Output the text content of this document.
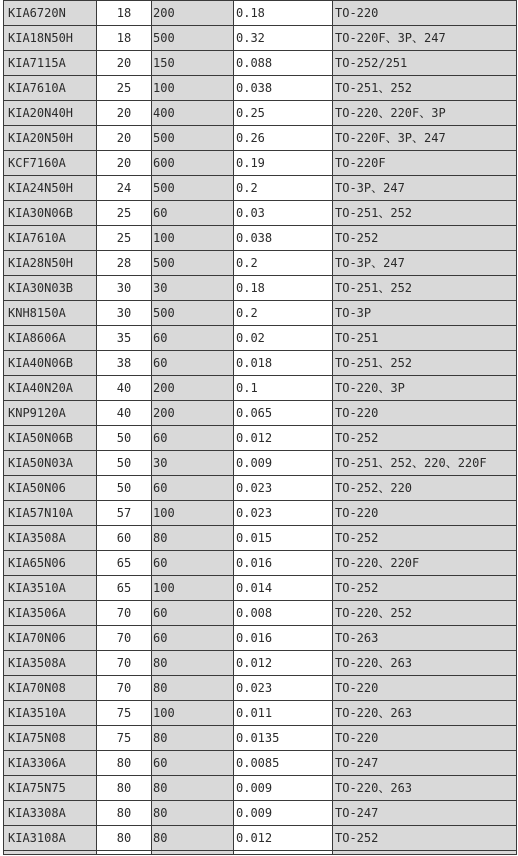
KIA6720N	18	200	0.18	TO-220
KIA18N50H	18	500	0.32	TO-220F、3P、247
KIA7115A	20	150	0.088	TO-252/251
KIA7610A	25	100	0.038	TO-251、252
KIA20N40H	20	400	0.25	TO-220、220F、3P
KIA20N50H	20	500	0.26	TO-220F、3P、247
KCF7160A	20	600	0.19	TO-220F
KIA24N50H	24	500	0.2	TO-3P、247
KIA30N06B	25	60	0.03	TO-251、252
KIA7610A	25	100	0.038	TO-252
KIA28N50H	28	500	0.2	TO-3P、247
KIA30N03B	30	30	0.18	TO-251、252
KNH8150A	30	500	0.2	TO-3P
KIA8606A	35	60	0.02	TO-251
KIA40N06B	38	60	0.018	TO-251、252
KIA40N20A	40	200	0.1	TO-220、3P
KNP9120A	40	200	0.065	TO-220
KIA50N06B	50	60	0.012	TO-252
KIA50N03A	50	30	0.009	TO-251、252、220、220F
KIA50N06	50	60	0.023	TO-252、220
KIA57N10A	57	100	0.023	TO-220
KIA3508A	60	80	0.015	TO-252
KIA65N06	65	60	0.016	TO-220、220F
KIA3510A	65	100	0.014	TO-252
KIA3506A	70	60	0.008	TO-220、252
KIA70N06	70	60	0.016	TO-263
KIA3508A	70	80	0.012	TO-220、263
KIA70N08	70	80	0.023	TO-220
KIA3510A	75	100	0.011	TO-220、263
KIA75N08	75	80	0.0135	TO-220
KIA3306A	80	60	0.0085	TO-247
KIA75N75	80	80	0.009	TO-220、263
KIA3308A	80	80	0.009	TO-247
KIA3108A	80	80	0.012	TO-252
